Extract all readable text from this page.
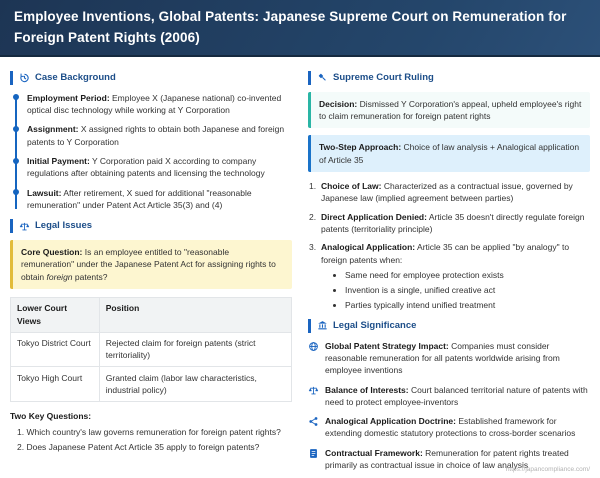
Employee Inventions, Global Patents: Japanese Supreme Court on Remuneration for Foreign Patent Rights (2006)
Case Background
Employment Period: Employee X (Japanese national) co-invented optical disc technology while working at Y Corporation
Assignment: X assigned rights to obtain both Japanese and foreign patents to Y Corporation
Initial Payment: Y Corporation paid X according to company regulations after obtaining patents and licensing the technology
Lawsuit: After retirement, X sued for additional "reasonable remuneration" under Patent Act Article 35(3) and (4)
Legal Issues
Core Question: Is an employee entitled to "reasonable remuneration" under the Japanese Patent Act for assigning rights to obtain foreign patents?
Lower Court Views	Position
Tokyo District Court	Rejected claim for foreign patents (strict territoriality)
Tokyo High Court	Granted claim (labor law characteristics, industrial policy)
Two Key Questions:
1. Which country's law governs remuneration for foreign patent rights?
2. Does Japanese Patent Act Article 35 apply to foreign patents?
Supreme Court Ruling
Decision: Dismissed Y Corporation's appeal, upheld employee's right to claim remuneration for foreign patent rights
Two-Step Approach: Choice of law analysis + Analogical application of Article 35
1. Choice of Law: Characterized as a contractual issue, governed by Japanese law (implied agreement between parties)
2. Direct Application Denied: Article 35 doesn't directly regulate foreign patents (territoriality principle)
3. Analogical Application: Article 35 can be applied "by analogy" to foreign patents when:
• Same need for employee protection exists
• Invention is a single, unified creative act
• Parties typically intend unified treatment
Legal Significance
Global Patent Strategy Impact: Companies must consider reasonable remuneration for all patents worldwide arising from employee inventions
Balance of Interests: Court balanced territorial nature of patents with need to protect employee-inventors
Analogical Application Doctrine: Established framework for extending domestic statutory protections to cross-border scenarios
Contractual Framework: Remuneration for patent rights treated primarily as contractual issue in choice of law analysis
https://japancompliance.com/
